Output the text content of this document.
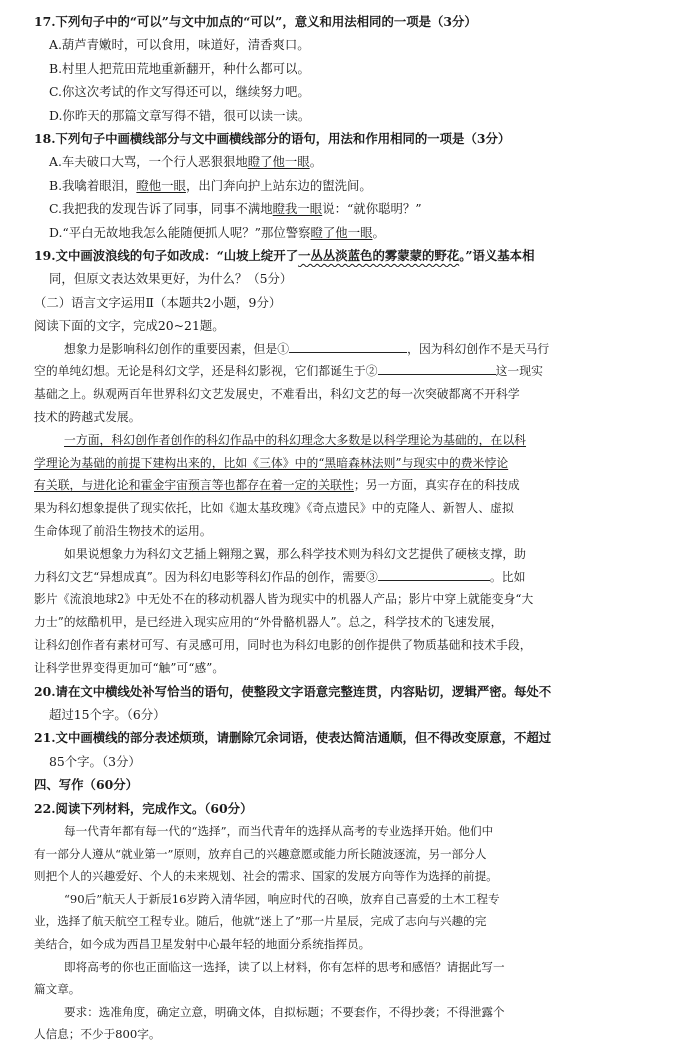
17.下列句子中的“可以”与文中加点的“可以”，意义和用法相同的一项是（3分）
A.葫芦青嫩时，可以食用，味道好，清香爽口。
B.村里人把荒田荒地重新翻开，种什么都可以。
C.你这次考试的作文写得还可以，继续努力吧。
D.你昨天的那篇文章写得不错，很可以读一读。
18.下列句子中画横线部分与文中画横线部分的语句，用法和作用相同的一项是（3分）
A.车夫破口大骂，一个行人恶狠狠地瞪了他一眼。
B.我噙着眼泪，瞪他一眼，出门奔向护上站东边的盥洗间。
C.我把我的发现告诉了同事，同事不满地瞪我一眼说：“就你聪明？”
D.“平白无故地我怎么能随便抓人呢？”那位警察瞪了他一眼。
19.文中画波浪线的句子如改成：“山坡上绽开了一丛丛淡蓝色的雾蒙蒙的野花。”语义基本相
同，但原文表达效果更好，为什么？（5分）
（二）语言文字运用Ⅱ（本题共2小题，9分）
阅读下面的文字，完成20~21题。
想象力是影响科幻创作的重要因素，但是①	，因为科幻创作不是天马行
空的单纯幻想。无论是科幻文学，还是科幻影视，它们都诞生于②	这一现实
基础之上。纵观两百年世界科幻文艺发展史，不难看出，科幻文艺的每一次突破都离不开科学
技术的跨越式发展。
一方面，科幻创作者创作的科幻作品中的科幻理念大多数是以科学理论为基础的，在以科
学理论为基础的前提下建构出来的，比如《三体》中的“黑暗森林法则”与现实中的费米悖论
有关联，与进化论和霍金宇宙预言等也都存在着一定的关联性；另一方面，真实存在的科技成
果为科幻想象提供了现实依托，比如《迦太基玫瑰》《奇点遗民》中的克隆人、新智人、虚拟
生命体现了前沿生物技术的运用。
如果说想象力为科幻文艺插上翱翔之翼，那么科学技术则为科幻文艺提供了硬核支撑，助
力科幻文艺“异想成真”。因为科幻电影等科幻作品的创作，需要③	。比如
影片《流浪地球2》中无处不在的移动机器人皆为现实中的机器人产品；影片中穿上就能变身“大
力士”的炫酷机甲，是已经进入现实应用的“外骨骼机器人”。总之，科学技术的飞速发展，
让科幻创作者有素材可写、有灵感可用，同时也为科幻电影的创作提供了物质基础和技术手段，
让科学世界变得更加可“触”可“感”。
20.请在文中横线处补写恰当的语句，使整段文字语意完整连贯，内容贴切，逻辑严密。每处不
超过15个字。（6分）
21.文中画横线的部分表述烦琐，请删除冗余词语，使表达简洁通顺，但不得改变原意，不超过
85个字。（3分）
四、写作（60分）
22.阅读下列材料，完成作文。（60分）
每一代青年都有每一代的“选择”，而当代青年的选择从高考的专业选择开始。他们中
有一部分人遵从“就业第一”原则，放弃自己的兴趣意愿或能力所长随波逐流，另一部分人
则把个人的兴趣爱好、个人的未来规划、社会的需求、国家的发展方向等作为选择的前提。
“90后”航天人于新辰16岁跨入清华园，响应时代的召唤，放弃自己喜爱的土木工程专
业，选择了航天航空工程专业。随后，他就“迷上了”那一片星辰，完成了志向与兴趣的完
美结合，如今成为西昌卫星发射中心最年轻的地面分系统指挥员。
即将高考的你也正面临这一选择，读了以上材料，你有怎样的思考和感悟？请据此写一
篇文章。
要求：选准角度，确定立意，明确文体，自拟标题；不要套作，不得抄袭；不得泄露个
人信息；不少于800字。
